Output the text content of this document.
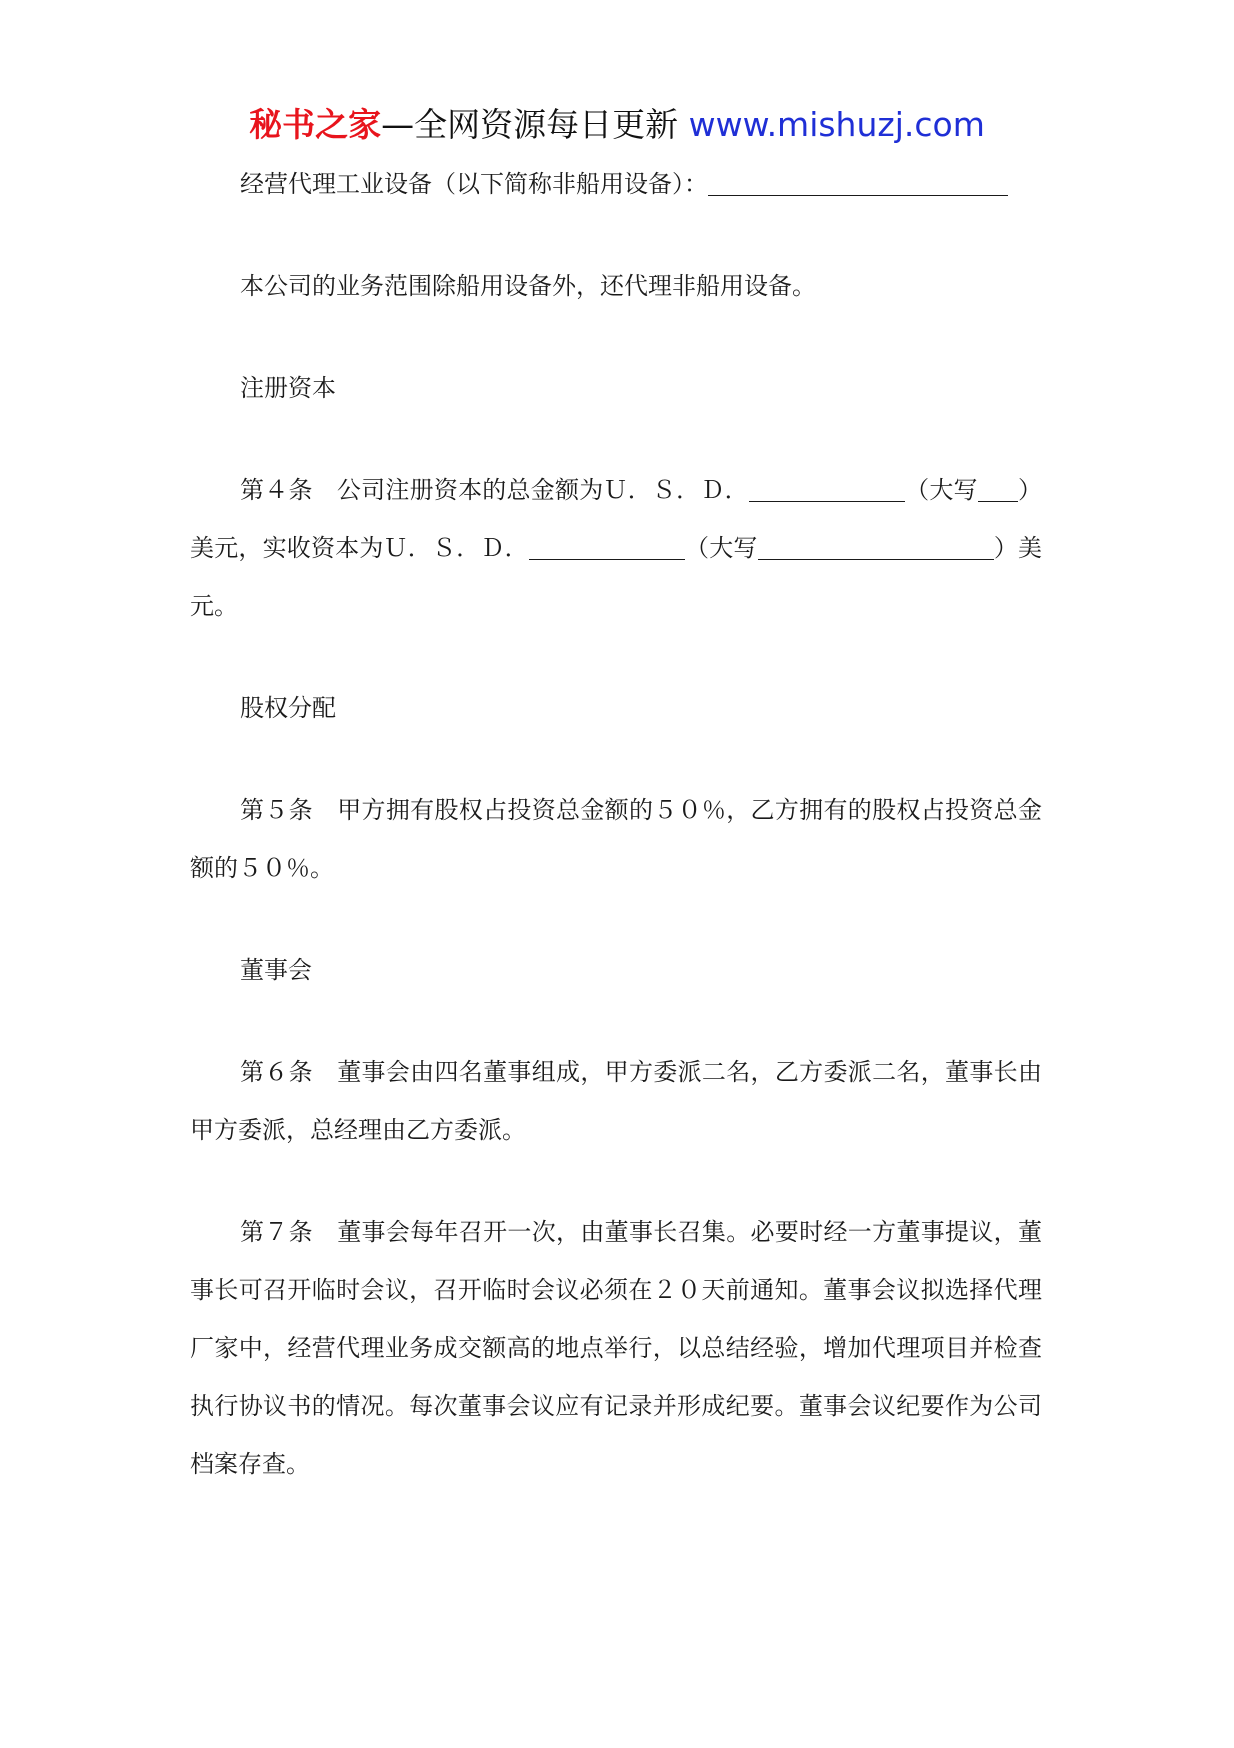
秘书之家—全网资源每日更新 www.mishuzj.com

经营代理工业设备（以下简称非船用设备）：

本公司的业务范围除船用设备外，还代理非船用设备。

注册资本

第４条　公司注册资本的总金额为Ｕ．Ｓ．Ｄ．	（大写 ）美元，实收资本为Ｕ．Ｓ．Ｄ．	（大写	）美元。

股权分配

第５条　甲方拥有股权占投资总金额的５０％，乙方拥有的股权占投资总金额的５０％。

董事会

第６条　董事会由四名董事组成，甲方委派二名，乙方委派二名，董事长由甲方委派，总经理由乙方委派。

第７条　董事会每年召开一次，由董事长召集。必要时经一方董事提议，董事长可召开临时会议，召开临时会议必须在２０天前通知。董事会议拟选择代理厂家中，经营代理业务成交额高的地点举行，以总结经验，增加代理项目并检查执行协议书的情况。每次董事会议应有记录并形成纪要。董事会议纪要作为公司档案存查。
